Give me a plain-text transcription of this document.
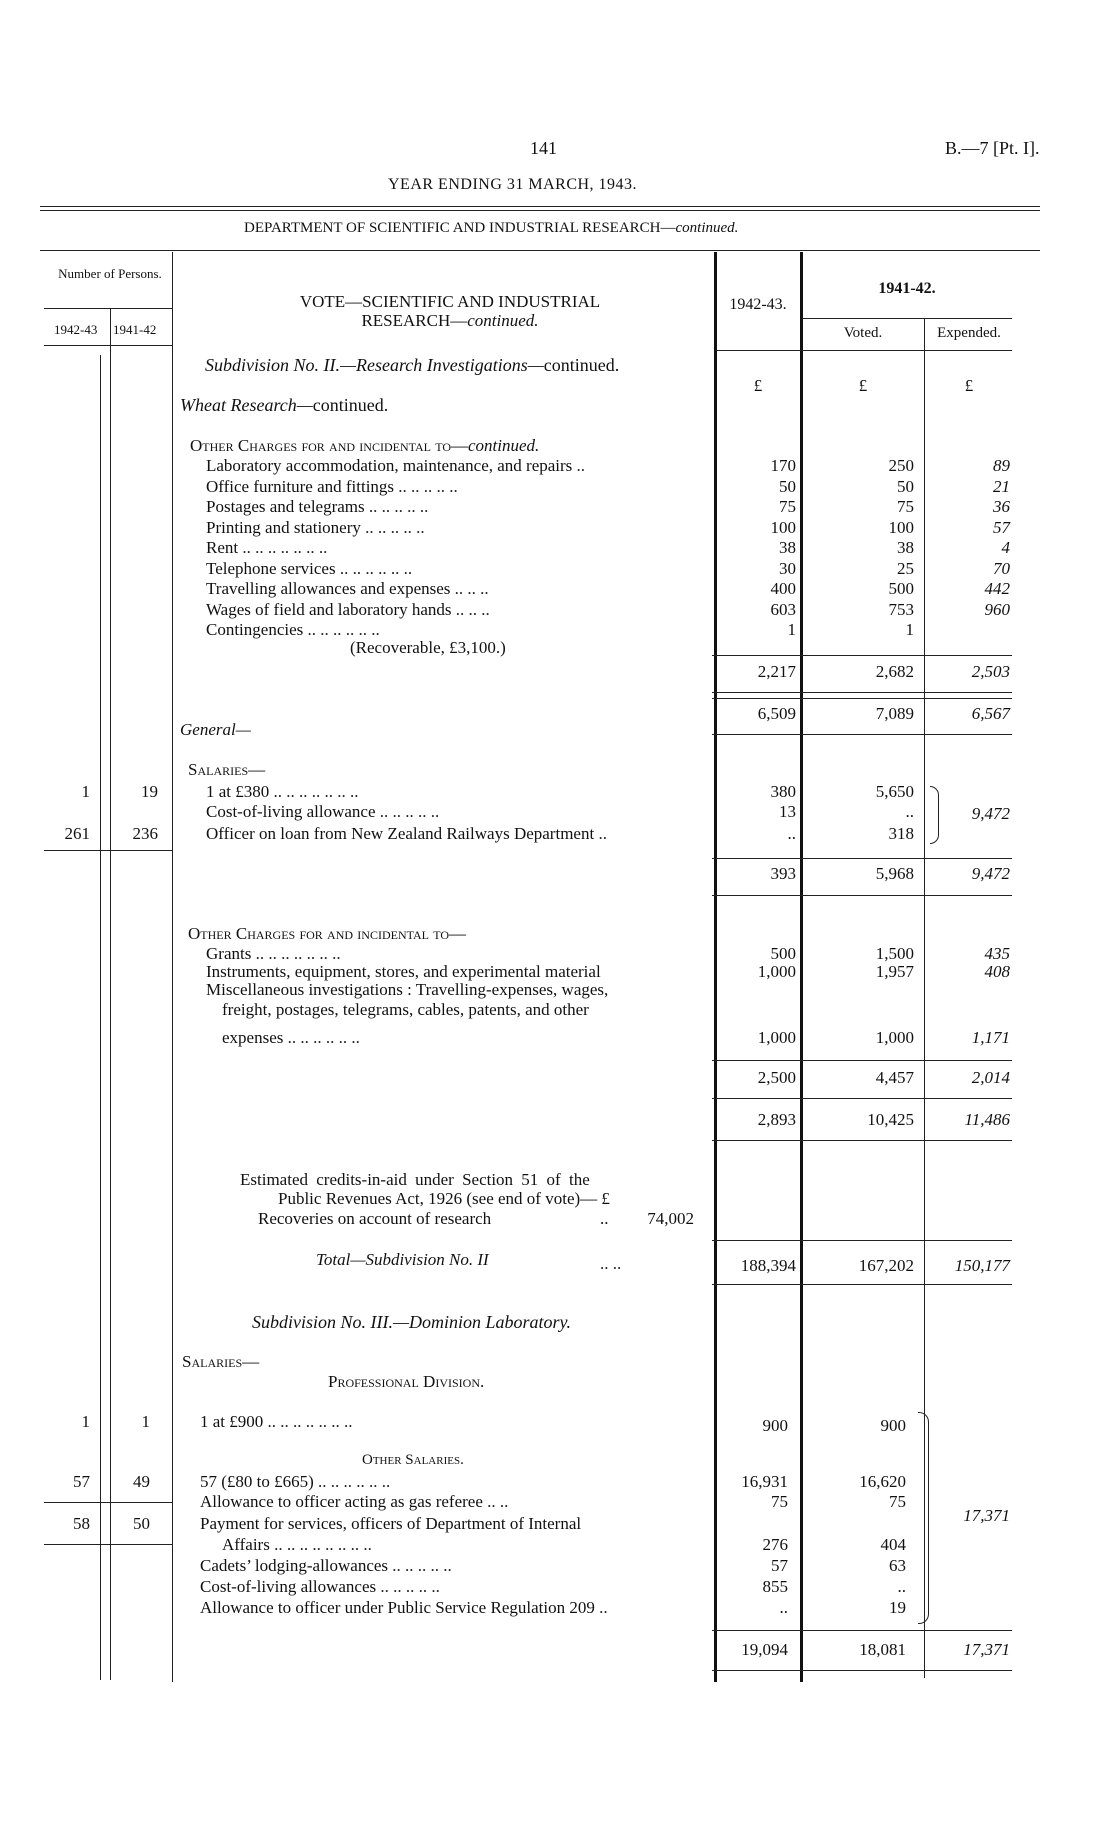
141	B.—7 [Pt. I].
YEAR ENDING 31 MARCH, 1943.
DEPARTMENT OF SCIENTIFIC AND INDUSTRIAL RESEARCH—continued.
Number of Persons.
1942-43 1941-42
VOTE—SCIENTIFIC AND INDUSTRIAL
RESEARCH—continued.
1942-43.
1941-42.
Voted.	Expended.
Subdivision No. II.—Research Investigations—continued.
Wheat Research—continued.
£	£	£
Other Charges for and incidental to—continued.
Laboratory accommodation, maintenance, and repairs ..	170	250	89
Office furniture and fittings .. .. .. .. ..	50	50	21
Postages and telegrams .. .. .. .. ..	75	75	36
Printing and stationery .. .. .. .. ..	100	100	57
Rent .. .. .. .. .. .. ..	38	38	4
Telephone services .. .. .. .. .. ..	30	25	70
Travelling allowances and expenses .. .. ..	400	500	442
Wages of field and laboratory hands .. .. ..	603	753	960
Contingencies .. .. .. .. .. ..	1	1
(Recoverable, £3,100.)
2,217	2,682	2,503
6,509	7,089	6,567
General—
Salaries—
1	19	1 at £380 .. .. .. .. .. .. ..	380	5,650
Cost-of-living allowance .. .. .. .. ..	13	..
261	236	Officer on loan from New Zealand Railways Department ..	..	318
9,472
393	5,968	9,472
Other Charges for and incidental to—
Grants .. .. .. .. .. .. ..	500	1,500	435
Instruments, equipment, stores, and experimental material	1,000	1,957	408
Miscellaneous investigations : Travelling-expenses, wages,
freight, postages, telegrams, cables, patents, and other
expenses .. .. .. .. .. ..	1,000	1,000	1,171
2,500	4,457	2,014
2,893	10,425	11,486
Estimated credits-in-aid under Section 51 of the
Public Revenues Act, 1926 (see end of vote)— £
Recoveries on account of research	..	74,002
Total—Subdivision No. II	.. ..	188,394	167,202	150,177
Subdivision No. III.—Dominion Laboratory.
Salaries—
Professional Division.
1	1	1 at £900 .. .. .. .. .. .. ..	900	900
Other Salaries.
57	49	57 (£80 to £665) .. .. .. .. .. ..	16,931	16,620
Allowance to officer acting as gas referee .. ..	75	75
58	50	Payment for services, officers of Department of Internal
Affairs .. .. .. .. .. .. .. ..	276	404
Cadets’ lodging-allowances .. .. .. .. ..	57	63
Cost-of-living allowances .. .. .. .. ..	855	..
Allowance to officer under Public Service Regulation 209 ..	..	19
17,371
19,094	18,081	17,371
